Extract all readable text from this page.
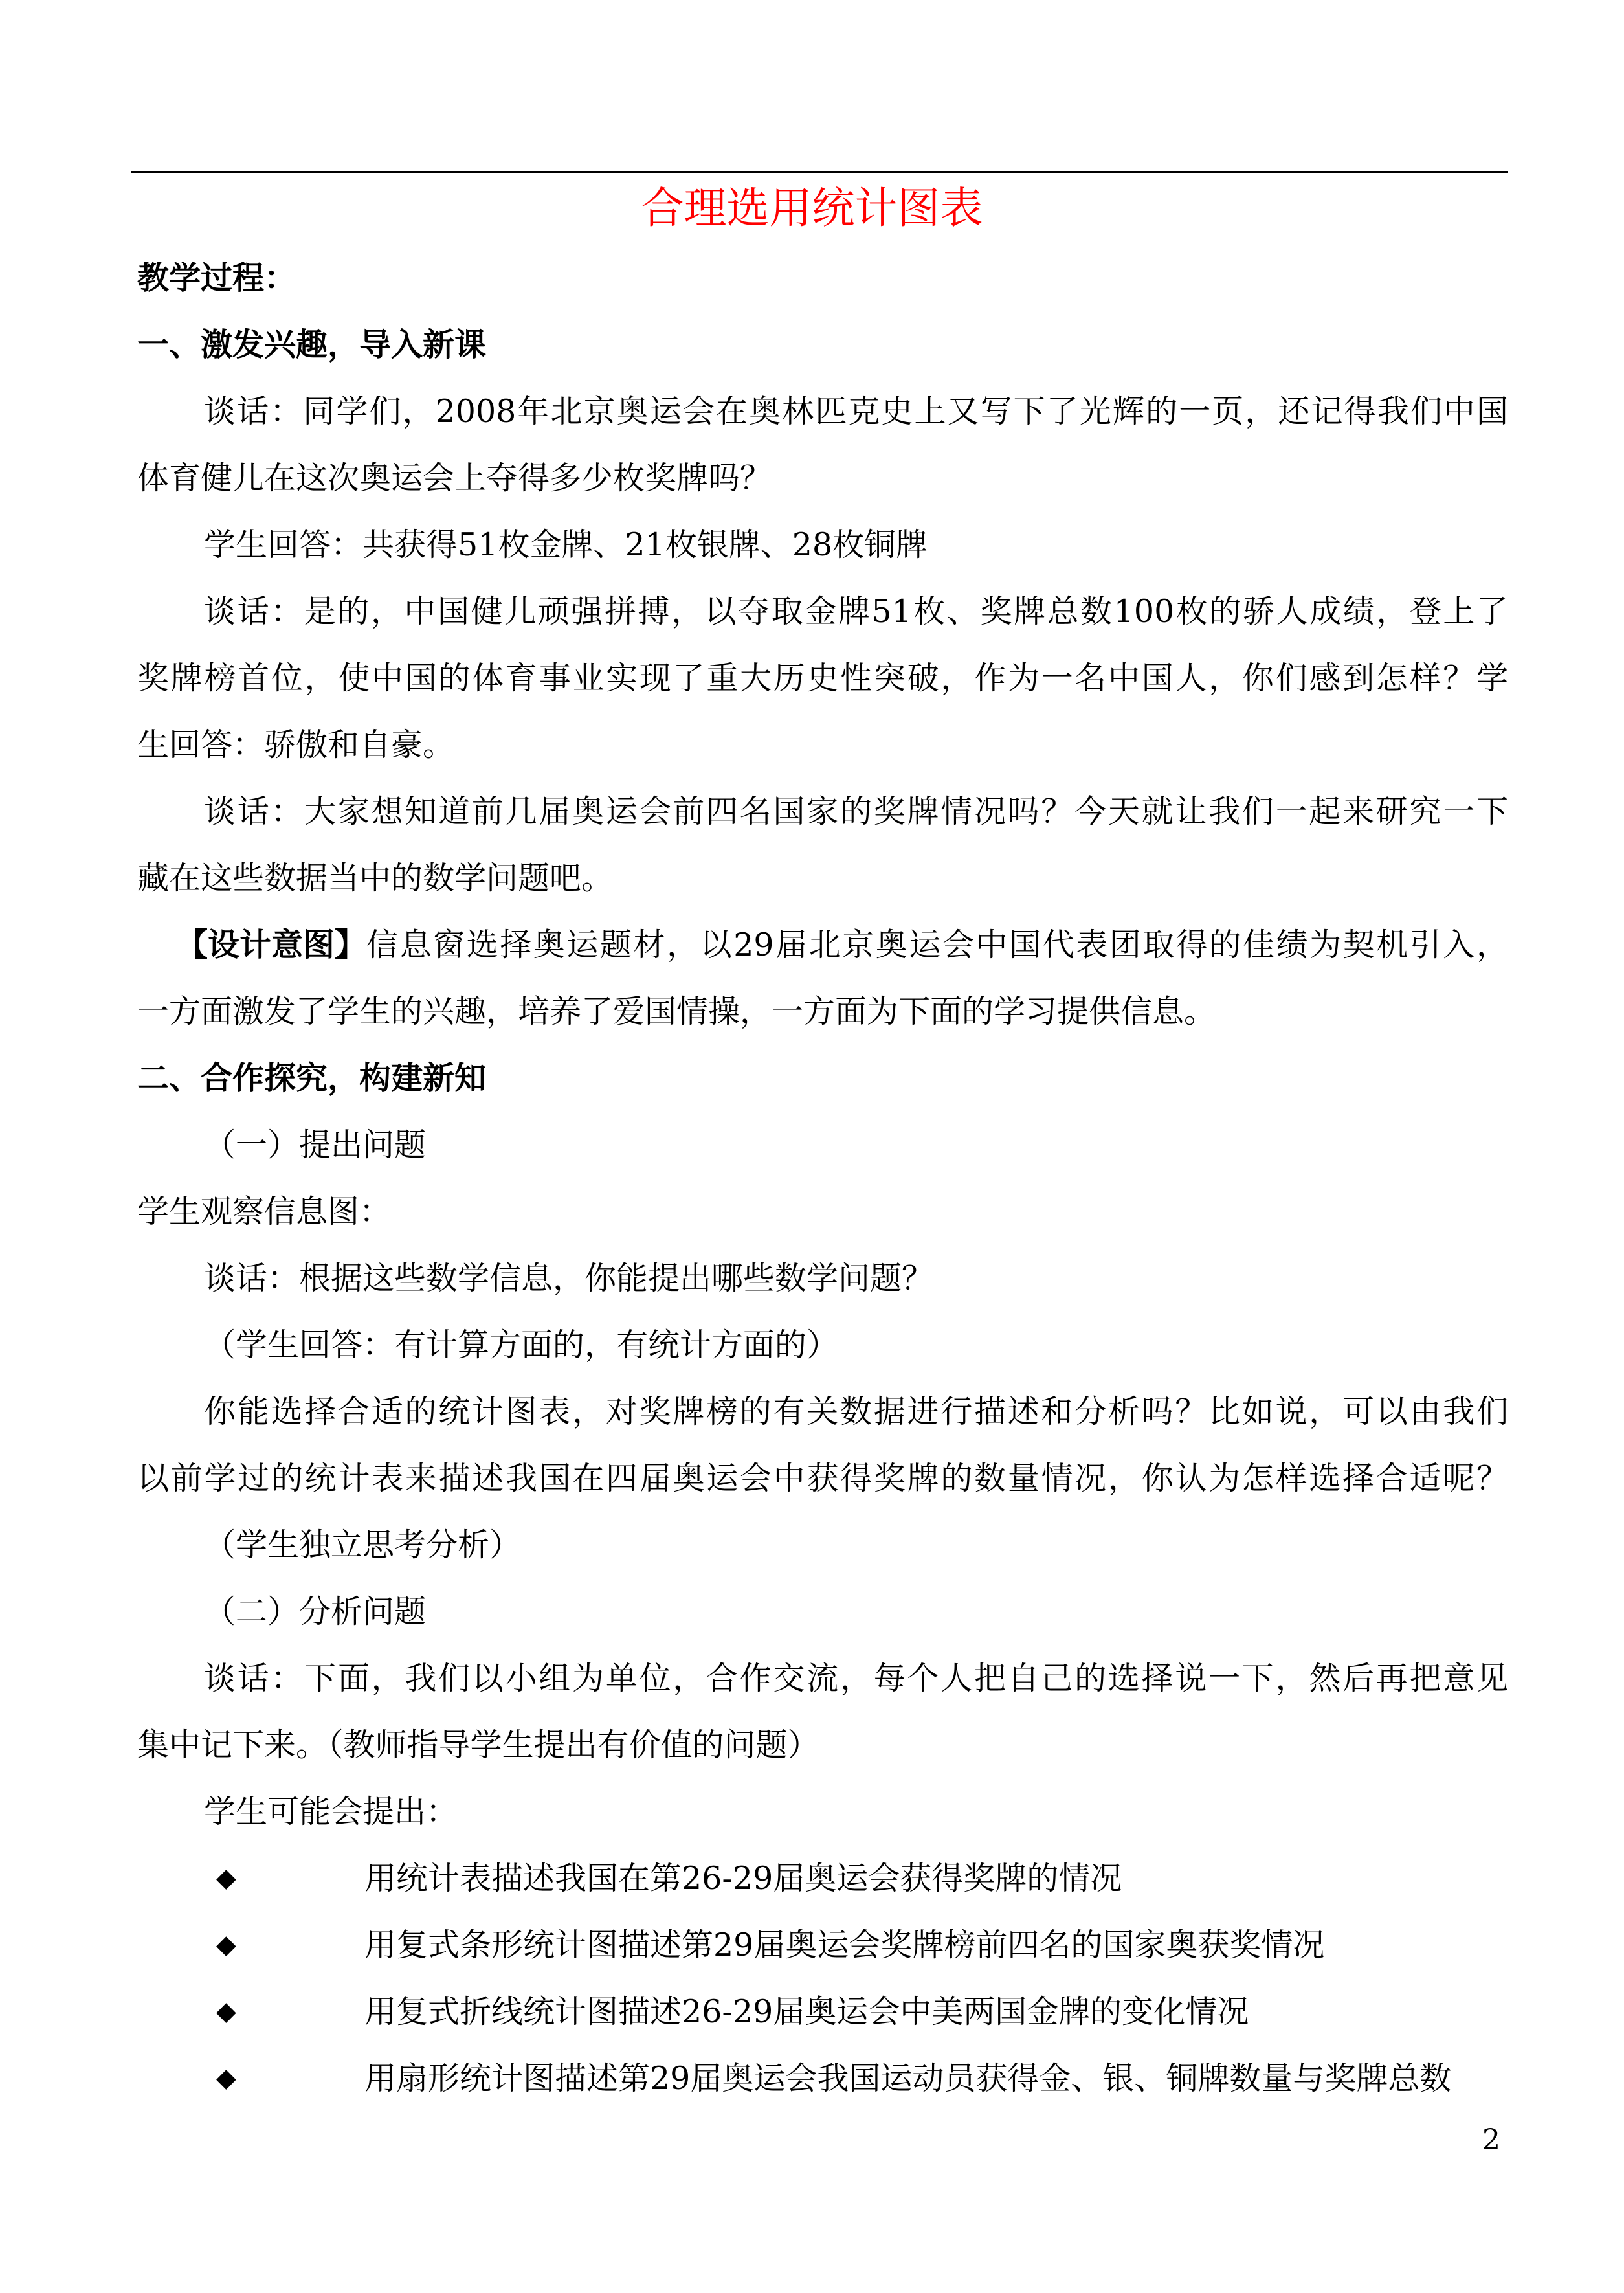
合理选用统计图表
教学过程：
一、激发兴趣，导入新课
谈话：同学们，2008年北京奥运会在奥林匹克史上又写下了光辉的一页，还记得我们中国
体育健儿在这次奥运会上夺得多少枚奖牌吗？
学生回答：共获得51枚金牌、21枚银牌、28枚铜牌
谈话：是的，中国健儿顽强拼搏，以夺取金牌51枚、奖牌总数100枚的骄人成绩，登上了
奖牌榜首位，使中国的体育事业实现了重大历史性突破，作为一名中国人，你们感到怎样？学
生回答：骄傲和自豪。
谈话：大家想知道前几届奥运会前四名国家的奖牌情况吗？今天就让我们一起来研究一下
藏在这些数据当中的数学问题吧。
【设计意图】 信息窗选择奥运题材，以29届北京奥运会中国代表团取得的佳绩为契机引入，
一方面激发了学生的兴趣，培养了爱国情操，一方面为下面的学习提供信息。
二、合作探究，构建新知
（一）提出问题
学生观察信息图：
谈话：根据这些数学信息，你能提出哪些数学问题？
（学生回答：有计算方面的，有统计方面的）
你能选择合适的统计图表，对奖牌榜的有关数据进行描述和分析吗？比如说，可以由我们
以前学过的统计表来描述我国在四届奥运会中获得奖牌的数量情况，你认为怎样选择合适呢？
（学生独立思考分析）
（二）分析问题
谈话：下面，我们以小组为单位，合作交流，每个人把自己的选择说一下，然后再把意见
集中记下来。（教师指导学生提出有价值的问题）
学生可能会提出：
◆	用统计表描述我国在第26-29届奥运会获得奖牌的情况
◆	用复式条形统计图描述第29届奥运会奖牌榜前四名的国家奥获奖情况
◆	用复式折线统计图描述26-29届奥运会中美两国金牌的变化情况
◆	用扇形统计图描述第29届奥运会我国运动员获得金、银、铜牌数量与奖牌总数
2
